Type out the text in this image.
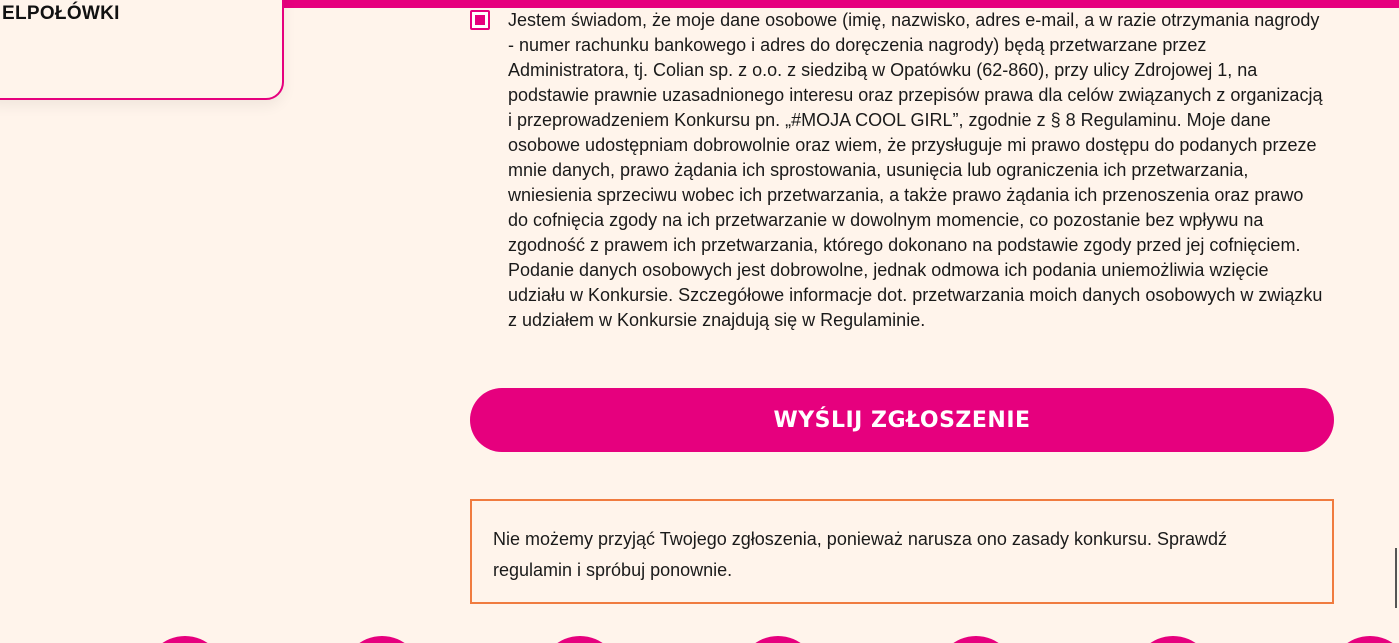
ELPOŁÓWKI	Jestem świadom, że moje dane osobowe (imię, nazwisko, adres e-mail, a w razie otrzymania nagrody - numer rachunku bankowego i adres do doręczenia nagrody) będą przetwarzane przez Administratora, tj. Colian sp. z o.o. z siedzibą w Opatówku (62-860), przy ulicy Zdrojowej 1, na podstawie prawnie uzasadnionego interesu oraz przepisów prawa dla celów związanych z organizacją i przeprowadzeniem Konkursu pn. „#MOJA COOL GIRL”, zgodnie z § 8 Regulaminu. Moje dane osobowe udostępniam dobrowolnie oraz wiem, że przysługuje mi prawo dostępu do podanych przeze mnie danych, prawo żądania ich sprostowania, usunięcia lub ograniczenia ich przetwarzania, wniesienia sprzeciwu wobec ich przetwarzania, a także prawo żądania ich przenoszenia oraz prawo do cofnięcia zgody na ich przetwarzanie w dowolnym momencie, co pozostanie bez wpływu na zgodność z prawem ich przetwarzania, którego dokonano na podstawie zgody przed jej cofnięciem. Podanie danych osobowych jest dobrowolne, jednak odmowa ich podania uniemożliwia wzięcie udziału w Konkursie. Szczegółowe informacje dot. przetwarzania moich danych osobowych w związku z udziałem w Konkursie znajdują się w Regulaminie.
WYŚLIJ ZGŁOSZENIE
Nie możemy przyjąć Twojego zgłoszenia, ponieważ narusza ono zasady konkursu. Sprawdź regulamin i spróbuj ponownie.
